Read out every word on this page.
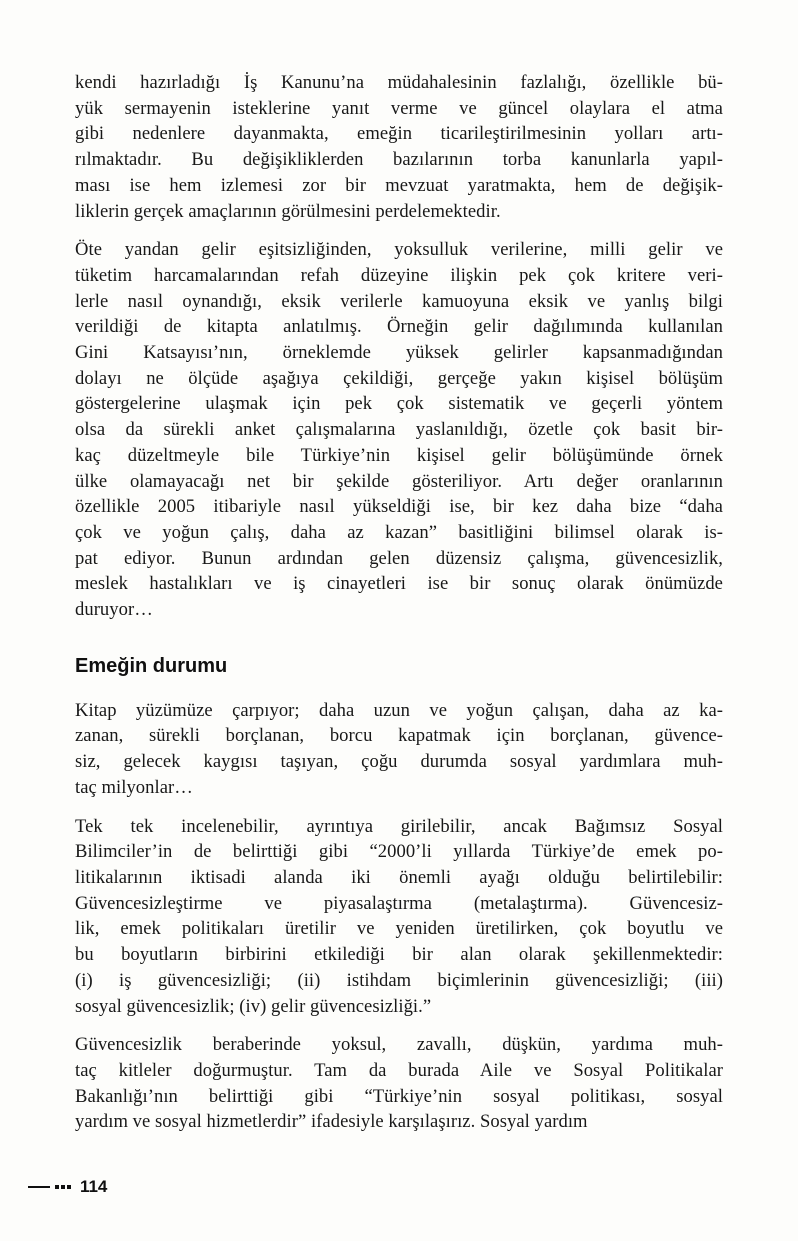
kendi hazırladığı İş Kanunu’na müdahalesinin fazlalığı, özellikle bü-
yük sermayenin isteklerine yanıt verme ve güncel olaylara el atma
gibi nedenlere dayanmakta, emeğin ticarileştirilmesinin yolları artı-
rılmaktadır. Bu değişikliklerden bazılarının torba kanunlarla yapıl-
ması ise hem izlemesi zor bir mevzuat yaratmakta, hem de değişik-
liklerin gerçek amaçlarının görülmesini perdelemektedir.
Öte yandan gelir eşitsizliğinden, yoksulluk verilerine, milli gelir ve
tüketim harcamalarından refah düzeyine ilişkin pek çok kritere veri-
lerle nasıl oynandığı, eksik verilerle kamuoyuna eksik ve yanlış bilgi
verildiği de kitapta anlatılmış. Örneğin gelir dağılımında kullanılan
Gini Katsayısı’nın, örneklemde yüksek gelirler kapsanmadığından
dolayı ne ölçüde aşağıya çekildiği, gerçeğe yakın kişisel bölüşüm
göstergelerine ulaşmak için pek çok sistematik ve geçerli yöntem
olsa da sürekli anket çalışmalarına yaslanıldığı, özetle çok basit bir-
kaç düzeltmeyle bile Türkiye’nin kişisel gelir bölüşümünde örnek
ülke olamayacağı net bir şekilde gösteriliyor. Artı değer oranlarının
özellikle 2005 itibariyle nasıl yükseldiği ise, bir kez daha bize “daha
çok ve yoğun çalış, daha az kazan” basitliğini bilimsel olarak is-
pat ediyor. Bunun ardından gelen düzensiz çalışma, güvencesizlik,
meslek hastalıkları ve iş cinayetleri ise bir sonuç olarak önümüzde
duruyor…
Emeğin durumu
Kitap yüzümüze çarpıyor; daha uzun ve yoğun çalışan, daha az ka-
zanan, sürekli borçlanan, borcu kapatmak için borçlanan, güvence-
siz, gelecek kaygısı taşıyan, çoğu durumda sosyal yardımlara muh-
taç milyonlar…
Tek tek incelenebilir, ayrıntıya girilebilir, ancak Bağımsız Sosyal
Bilimciler’in de belirttiği gibi “2000’li yıllarda Türkiye’de emek po-
litikalarının iktisadi alanda iki önemli ayağı olduğu belirtilebilir:
Güvencesizleştirme ve piyasalaştırma (metalaştırma). Güvencesiz-
lik, emek politikaları üretilir ve yeniden üretilirken, çok boyutlu ve
bu boyutların birbirini etkilediği bir alan olarak şekillenmektedir:
(i) iş güvencesizliği; (ii) istihdam biçimlerinin güvencesizliği; (iii)
sosyal güvencesizlik; (iv) gelir güvencesizliği.”
Güvencesizlik beraberinde yoksul, zavallı, düşkün, yardıma muh-
taç kitleler doğurmuştur. Tam da burada Aile ve Sosyal Politikalar
Bakanlığı’nın belirttiği gibi “Türkiye’nin sosyal politikası, sosyal
yardım ve sosyal hizmetlerdir” ifadesiyle karşılaşırız. Sosyal yardım
114
